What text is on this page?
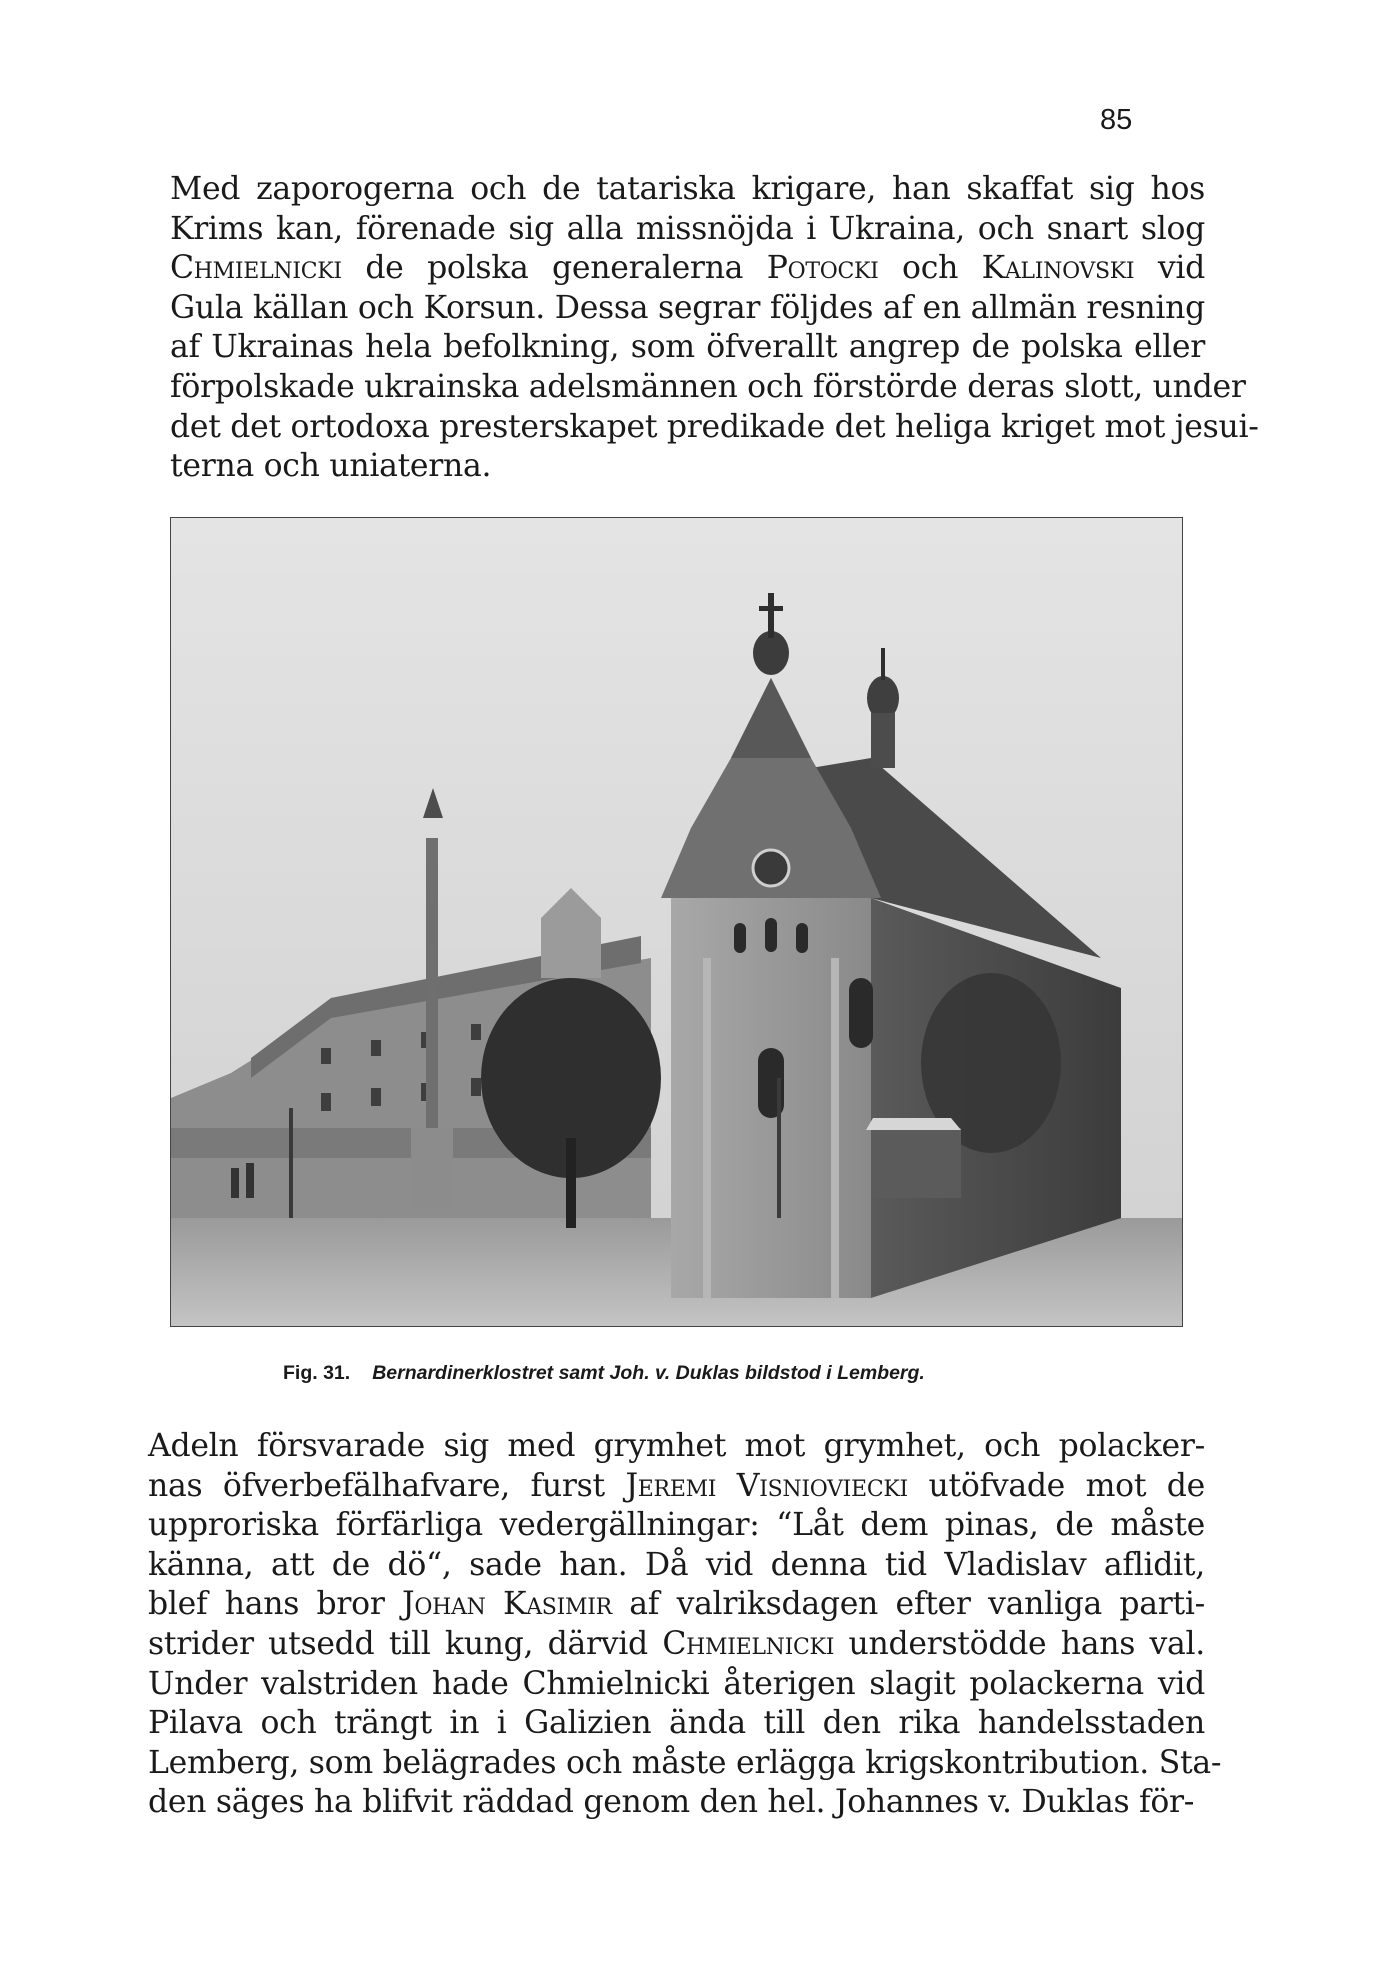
85
Med zaporogerna och de tatariska krigare, han skaffat sig hos
Krims kan, förenade sig alla missnöjda i Ukraina, och snart slog
Chmielnicki de polska generalerna Potocki och Kalinovski vid
Gula källan och Korsun. Dessa segrar följdes af en allmän resning
af Ukrainas hela befolkning, som öfverallt angrep de polska eller
förpolskade ukrainska adelsmännen och förstörde deras slott, under
det det ortodoxa presterskapet predikade det heliga kriget mot jesui-
terna och uniaterna.
Fig. 31. Bernardinerklostret samt Joh. v. Duklas bildstod i Lemberg.
Adeln försvarade sig med grymhet mot grymhet, och polacker-
nas öfverbefälhafvare, furst Jeremi Visnioviecki utöfvade mot de
upproriska förfärliga vedergällningar: “Låt dem pinas, de måste
känna, att de dö“, sade han. Då vid denna tid Vladislav aflidit,
blef hans bror Johan Kasimir af valriksdagen efter vanliga parti-
strider utsedd till kung, därvid Chmielnicki understödde hans val.
Under valstriden hade Chmielnicki återigen slagit polackerna vid
Pilava och trängt in i Galizien ända till den rika handelsstaden
Lemberg, som belägrades och måste erlägga krigskontribution. Sta-
den säges ha blifvit räddad genom den hel. Johannes v. Duklas för-
